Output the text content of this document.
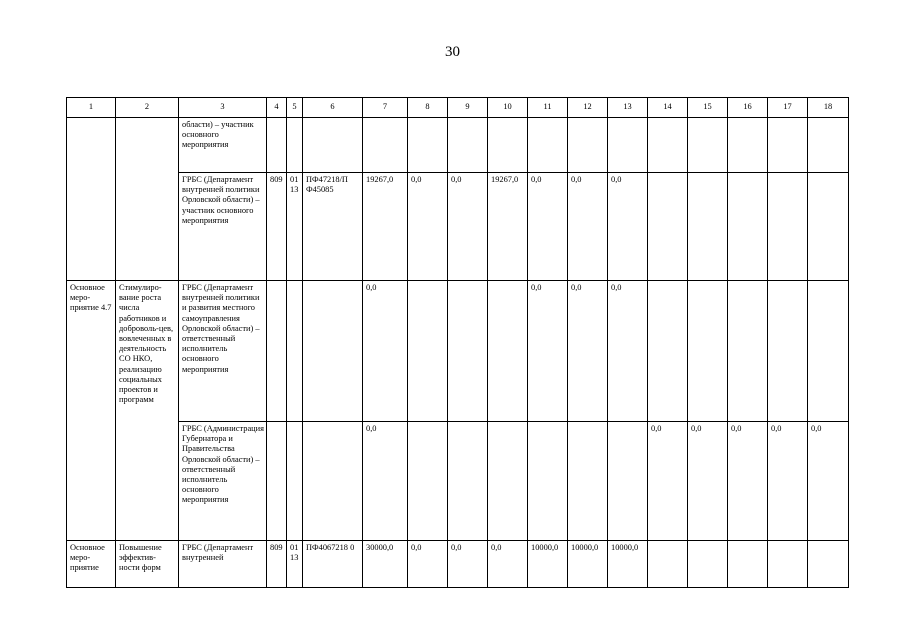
30
1	2	3	4	5	6	7	8	9	10	11	12	13	14	15	16	17	18
		области) – участник основного мероприятия															
		ГРБС (Департамент внутренней политики Орловской области) – участник основного мероприятия	809	01 13	ПФ47218/П Ф45085	19267,0	0,0	0,0	19267,0	0,0	0,0	0,0					
Основное меро-приятие 4.7	Стимулиро-вание роста числа работников и доброволь-цев, вовлеченных в деятельность СО НКО, реализацию социальных проектов и программ	ГРБС (Департамент внутренней политики и развития местного самоуправления Орловской области) – ответственный исполнитель основного мероприятия				0,0				0,0	0,0	0,0					
		ГРБС (Администрация Губернатора и Правительства Орловской области) – ответственный исполнитель основного мероприятия				0,0							0,0	0,0	0,0	0,0	0,0
Основное меро-приятие	Повышение эффектив-ности форм	ГРБС (Департамент внутренней	809	01 13	ПФ4067218 0	30000,0	0,0	0,0	0,0	10000,0	10000,0	10000,0					
